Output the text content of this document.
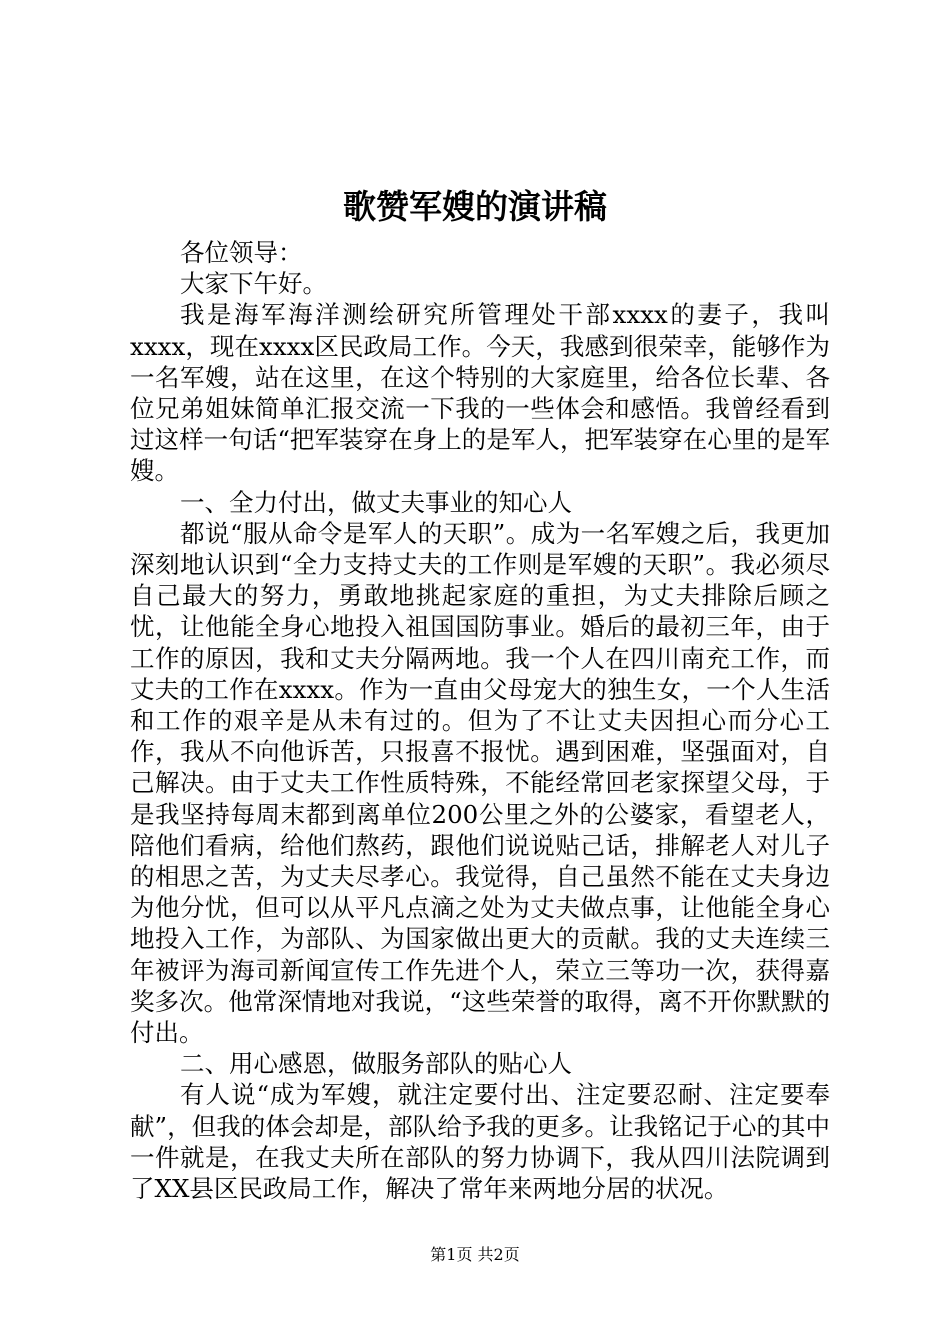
歌赞军嫂的演讲稿

各位领导：

大家下午好。

我是海军海洋测绘研究所管理处干部xxxx的妻子，我叫xxxx，现在xxxx区民政局工作。今天，我感到很荣幸，能够作为一名军嫂，站在这里，在这个特别的大家庭里，给各位长辈、各位兄弟姐妹简单汇报交流一下我的一些体会和感悟。我曾经看到过这样一句话“把军装穿在身上的是军人，把军装穿在心里的是军嫂。

一、全力付出，做丈夫事业的知心人

都说“服从命令是军人的天职”。成为一名军嫂之后，我更加深刻地认识到“全力支持丈夫的工作则是军嫂的天职”。我必须尽自己最大的努力，勇敢地挑起家庭的重担，为丈夫排除后顾之忧，让他能全身心地投入祖国国防事业。婚后的最初三年，由于工作的原因，我和丈夫分隔两地。我一个人在四川南充工作，而丈夫的工作在xxxx。作为一直由父母宠大的独生女，一个人生活和工作的艰辛是从未有过的。但为了不让丈夫因担心而分心工作，我从不向他诉苦，只报喜不报忧。遇到困难，坚强面对，自己解决。由于丈夫工作性质特殊，不能经常回老家探望父母，于是我坚持每周末都到离单位200公里之外的公婆家，看望老人，陪他们看病，给他们熬药，跟他们说说贴己话，排解老人对儿子的相思之苦，为丈夫尽孝心。我觉得，自己虽然不能在丈夫身边为他分忧，但可以从平凡点滴之处为丈夫做点事，让他能全身心地投入工作，为部队、为国家做出更大的贡献。我的丈夫连续三年被评为海司新闻宣传工作先进个人，荣立三等功一次，获得嘉奖多次。他常深情地对我说，“这些荣誉的取得，离不开你默默的付出。

二、用心感恩，做服务部队的贴心人

有人说“成为军嫂，就注定要付出、注定要忍耐、注定要奉献”，但我的体会却是，部队给予我的更多。让我铭记于心的其中一件就是，在我丈夫所在部队的努力协调下，我从四川法院调到了XX县区民政局工作，解决了常年来两地分居的状况。

第1页 共2页
